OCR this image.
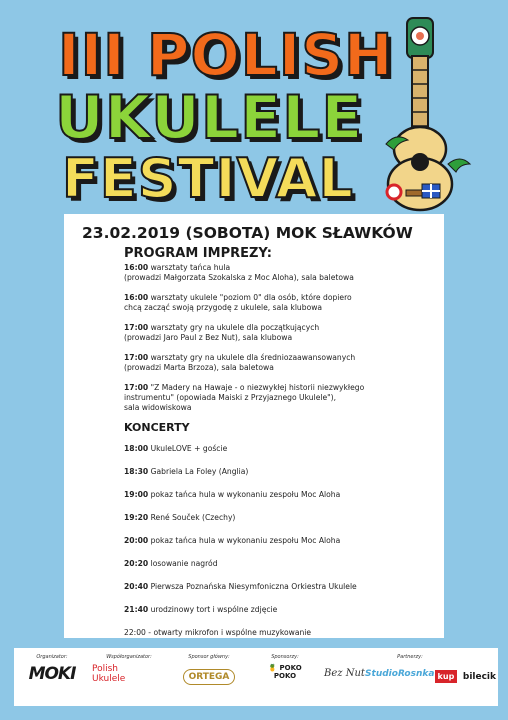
III POLISH
UKULELE
FESTIVAL
23.02.2019 (SOBOTA) MOK SŁAWKÓW
PROGRAM IMPREZY:
16:00 warsztaty tańca hula
(prowadzi Małgorzata Szokalska z Moc Aloha), sala baletowa
16:00 warsztaty ukulele "poziom 0" dla osób, które dopiero
chcą zacząć swoją przygodę z ukulele, sala klubowa
17:00 warsztaty gry na ukulele dla początkujących
(prowadzi Jaro Paul z Bez Nut), sala klubowa
17:00 warsztaty gry na ukulele dla średniozaawansowanych
(prowadzi Marta Brzoza), sala baletowa
17:00 "Z Madery na Hawaje - o niezwykłej historii niezwykłego
instrumentu" (opowiada Maiski z Przyjaznego Ukulele"),
sala widowiskowa
KONCERTY
18:00 UkuleLOVE + goście
18:30 Gabriela La Foley (Anglia)
19:00 pokaz tańca hula w wykonaniu zespołu Moc Aloha
19:20 René Souček (Czechy)
20:00 pokaz tańca hula w wykonaniu zespołu Moc Aloha
20:20 losowanie nagród
20:40 Pierwsza Poznańska Niesymfoniczna Orkiestra Ukulele
21:40 urodzinowy tort i wspólne zdjęcie
22:00 - otwarty mikrofon i wspólne muzykowanie
Organizator:
MOKI
Współorganizator:
Polish
Ukulele
Sponsor główny:
ORTEGA
Sponsorzy:
🍍 POKO
POKO
Partnerzy:
Bez Nut StudioRosnka kup bilecik
